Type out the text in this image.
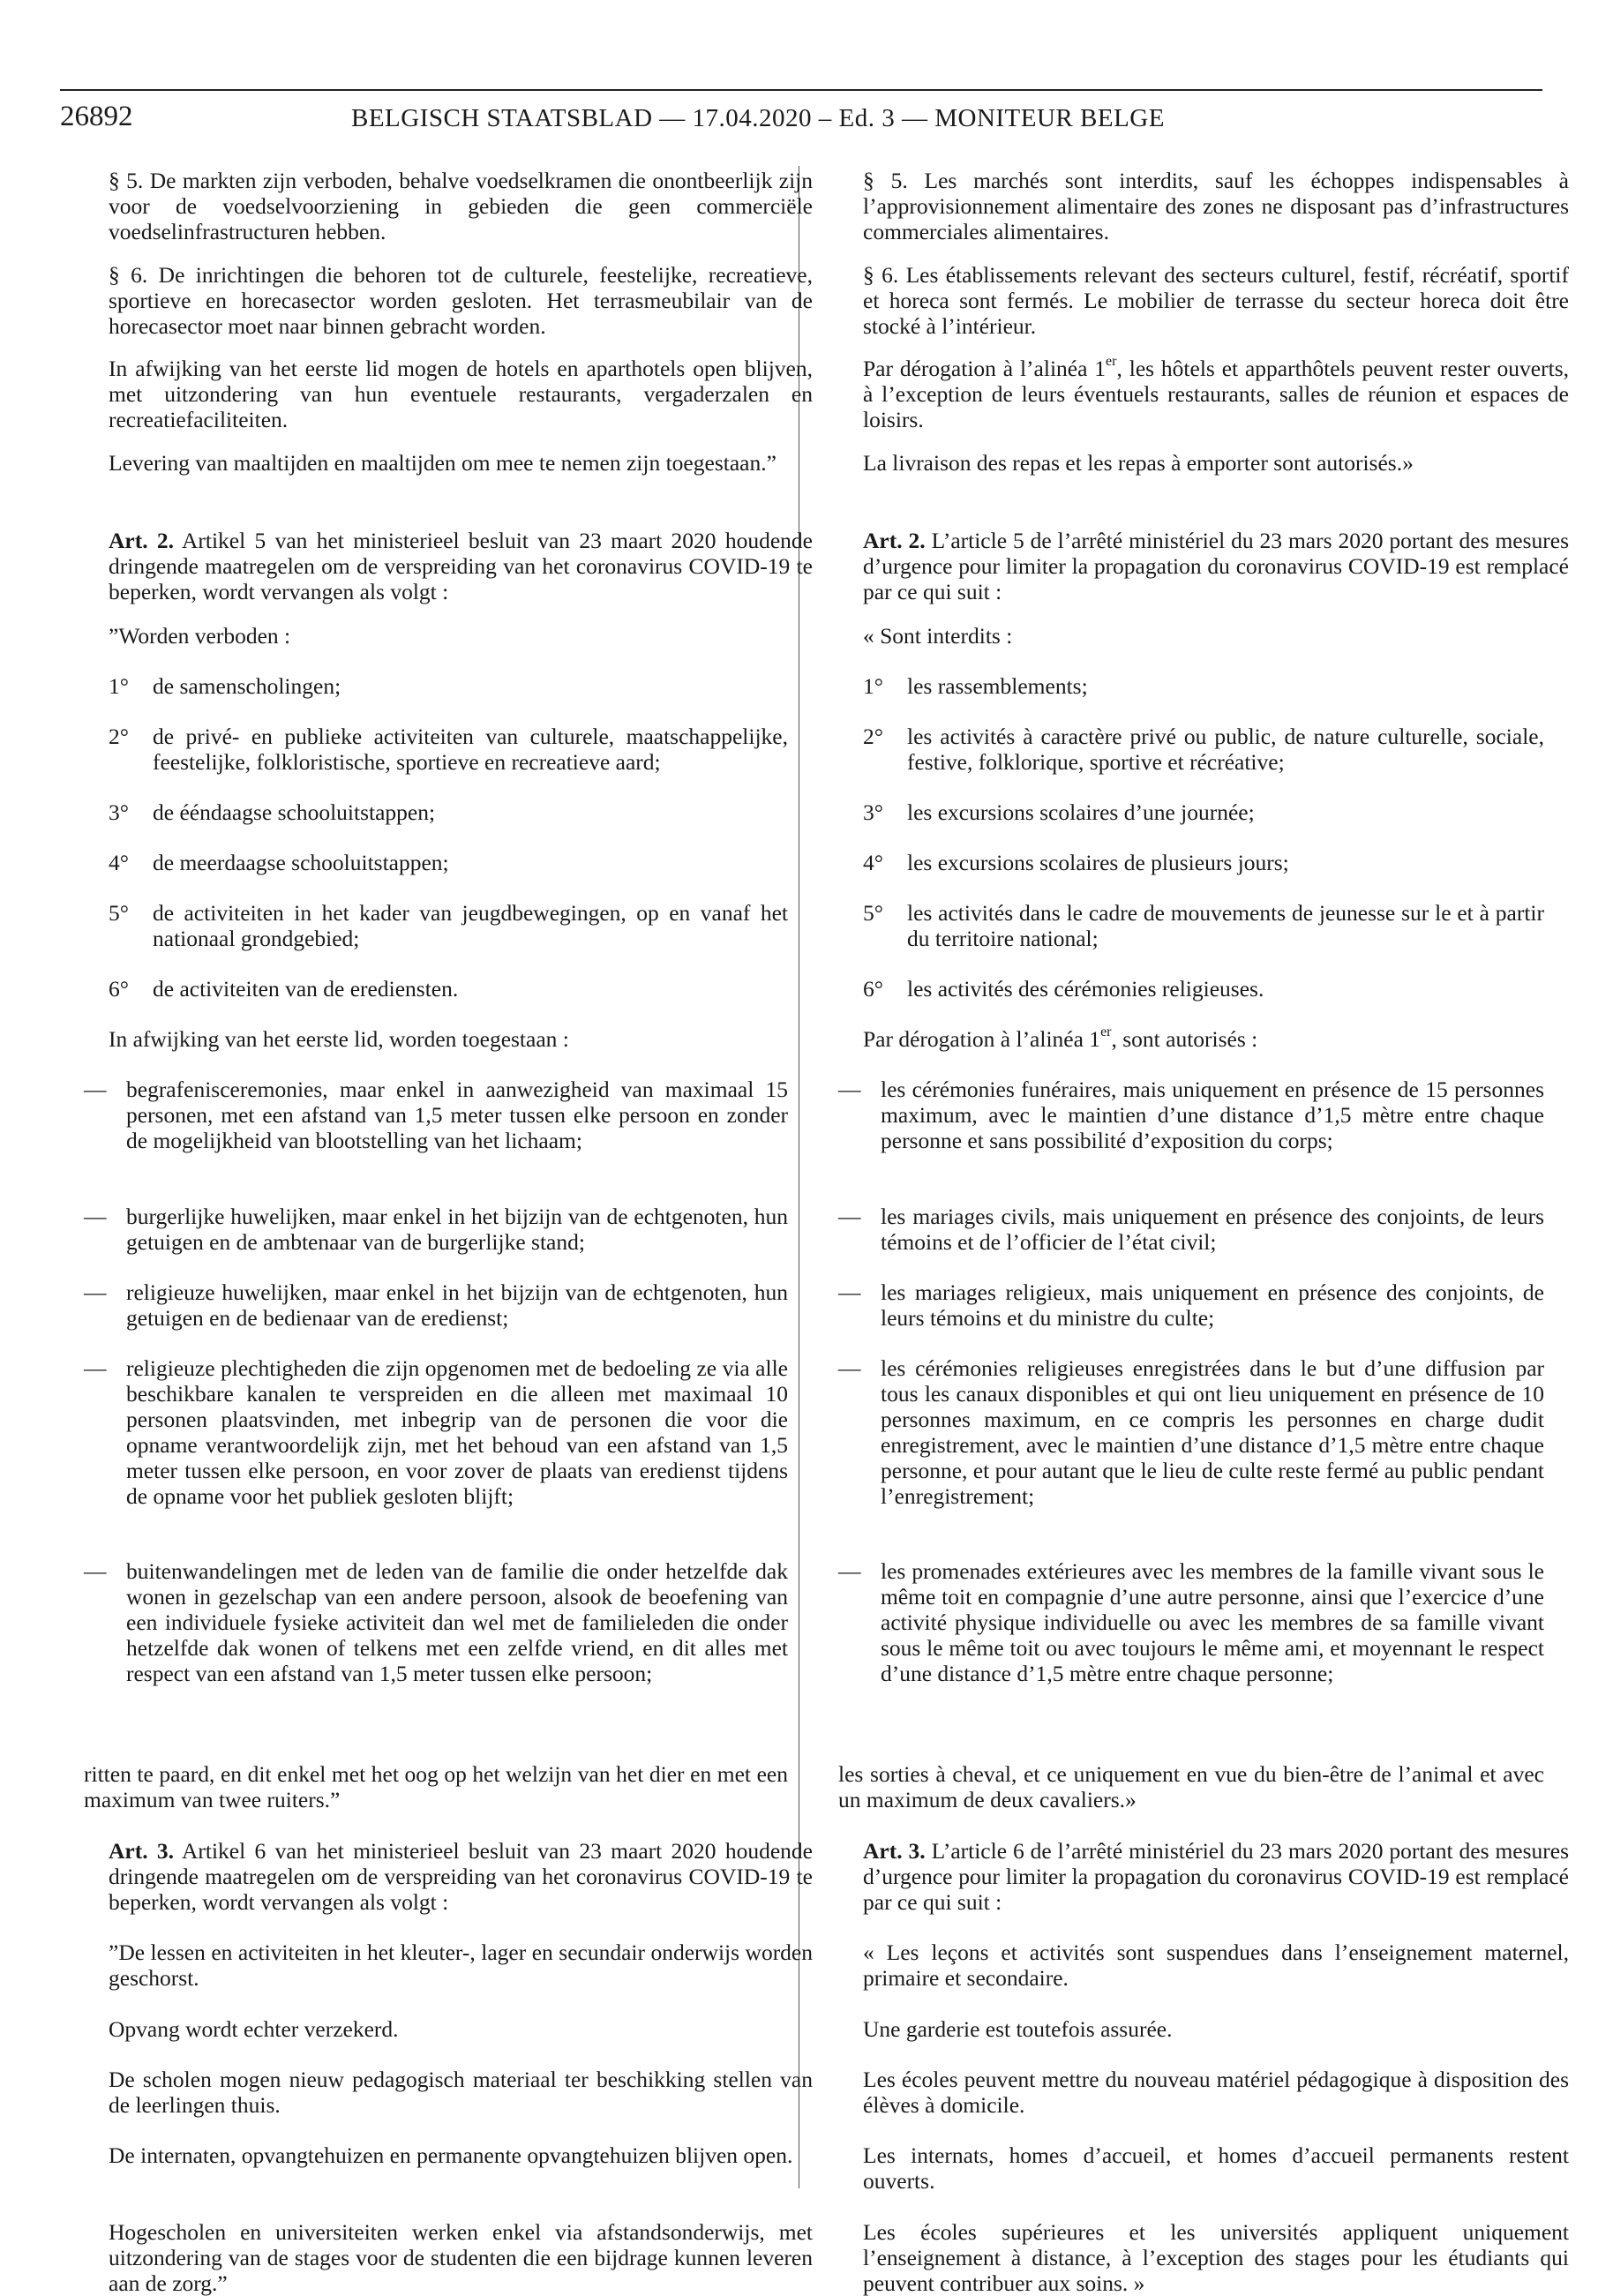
26892	BELGISCH STAATSBLAD — 17.04.2020 – Ed. 3 — MONITEUR BELGE
§ 5. De markten zijn verboden, behalve voedselkramen die onontbeerlijk zijn voor de voedselvoorziening in gebieden die geen commerciële voedselinfrastructuren hebben.
§ 6. De inrichtingen die behoren tot de culturele, feestelijke, recreatieve, sportieve en horecasector worden gesloten. Het terrasmeubilair van de horecasector moet naar binnen gebracht worden.
In afwijking van het eerste lid mogen de hotels en aparthotels open blijven, met uitzondering van hun eventuele restaurants, vergaderzalen en recreatiefaciliteiten.
Levering van maaltijden en maaltijden om mee te nemen zijn toegestaan.”
Art. 2. Artikel 5 van het ministerieel besluit van 23 maart 2020 houdende dringende maatregelen om de verspreiding van het coronavirus COVID-19 te beperken, wordt vervangen als volgt :
”Worden verboden :
1° de samenscholingen;
2° de privé- en publieke activiteiten van culturele, maatschappelijke, feestelijke, folkloristische, sportieve en recreatieve aard;
3° de ééndaagse schooluitstappen;
4° de meerdaagse schooluitstappen;
5° de activiteiten in het kader van jeugdbewegingen, op en vanaf het nationaal grondgebied;
6° de activiteiten van de erediensten.
In afwijking van het eerste lid, worden toegestaan :
— begrafenisceremonies, maar enkel in aanwezigheid van maximaal 15 personen, met een afstand van 1,5 meter tussen elke persoon en zonder de mogelijkheid van blootstelling van het lichaam;
— burgerlijke huwelijken, maar enkel in het bijzijn van de echtgenoten, hun getuigen en de ambtenaar van de burgerlijke stand;
— religieuze huwelijken, maar enkel in het bijzijn van de echtgenoten, hun getuigen en de bedienaar van de eredienst;
— religieuze plechtigheden die zijn opgenomen met de bedoeling ze via alle beschikbare kanalen te verspreiden en die alleen met maximaal 10 personen plaatsvinden, met inbegrip van de personen die voor die opname verantwoordelijk zijn, met het behoud van een afstand van 1,5 meter tussen elke persoon, en voor zover de plaats van eredienst tijdens de opname voor het publiek gesloten blijft;
— buitenwandelingen met de leden van de familie die onder hetzelfde dak wonen in gezelschap van een andere persoon, alsook de beoefening van een individuele fysieke activiteit dan wel met de familieleden die onder hetzelfde dak wonen of telkens met een zelfde vriend, en dit alles met respect van een afstand van 1,5 meter tussen elke persoon;
ritten te paard, en dit enkel met het oog op het welzijn van het dier en met een maximum van twee ruiters.”
Art. 3. Artikel 6 van het ministerieel besluit van 23 maart 2020 houdende dringende maatregelen om de verspreiding van het coronavirus COVID-19 te beperken, wordt vervangen als volgt :
”De lessen en activiteiten in het kleuter-, lager en secundair onderwijs worden geschorst.
Opvang wordt echter verzekerd.
De scholen mogen nieuw pedagogisch materiaal ter beschikking stellen van de leerlingen thuis.
De internaten, opvangtehuizen en permanente opvangtehuizen blijven open.
Hogescholen en universiteiten werken enkel via afstandsonderwijs, met uitzondering van de stages voor de studenten die een bijdrage kunnen leveren aan de zorg.”
§ 5. Les marchés sont interdits, sauf les échoppes indispensables à l’approvisionnement alimentaire des zones ne disposant pas d’infrastructures commerciales alimentaires.
§ 6. Les établissements relevant des secteurs culturel, festif, récréatif, sportif et horeca sont fermés. Le mobilier de terrasse du secteur horeca doit être stocké à l’intérieur.
Par dérogation à l’alinéa 1er, les hôtels et apparthôtels peuvent rester ouverts, à l’exception de leurs éventuels restaurants, salles de réunion et espaces de loisirs.
La livraison des repas et les repas à emporter sont autorisés.»
Art. 2. L’article 5 de l’arrêté ministériel du 23 mars 2020 portant des mesures d’urgence pour limiter la propagation du coronavirus COVID-19 est remplacé par ce qui suit :
« Sont interdits :
1° les rassemblements;
2° les activités à caractère privé ou public, de nature culturelle, sociale, festive, folklorique, sportive et récréative;
3° les excursions scolaires d’une journée;
4° les excursions scolaires de plusieurs jours;
5° les activités dans le cadre de mouvements de jeunesse sur le et à partir du territoire national;
6° les activités des cérémonies religieuses.
Par dérogation à l’alinéa 1er, sont autorisés :
— les cérémonies funéraires, mais uniquement en présence de 15 personnes maximum, avec le maintien d’une distance d’1,5 mètre entre chaque personne et sans possibilité d’exposition du corps;
— les mariages civils, mais uniquement en présence des conjoints, de leurs témoins et de l’officier de l’état civil;
— les mariages religieux, mais uniquement en présence des conjoints, de leurs témoins et du ministre du culte;
— les cérémonies religieuses enregistrées dans le but d’une diffusion par tous les canaux disponibles et qui ont lieu uniquement en présence de 10 personnes maximum, en ce compris les personnes en charge dudit enregistrement, avec le maintien d’une distance d’1,5 mètre entre chaque personne, et pour autant que le lieu de culte reste fermé au public pendant l’enregistrement;
— les promenades extérieures avec les membres de la famille vivant sous le même toit en compagnie d’une autre personne, ainsi que l’exercice d’une activité physique individuelle ou avec les membres de sa famille vivant sous le même toit ou avec toujours le même ami, et moyennant le respect d’une distance d’1,5 mètre entre chaque personne;
les sorties à cheval, et ce uniquement en vue du bien-être de l’animal et avec un maximum de deux cavaliers.»
Art. 3. L’article 6 de l’arrêté ministériel du 23 mars 2020 portant des mesures d’urgence pour limiter la propagation du coronavirus COVID-19 est remplacé par ce qui suit :
« Les leçons et activités sont suspendues dans l’enseignement maternel, primaire et secondaire.
Une garderie est toutefois assurée.
Les écoles peuvent mettre du nouveau matériel pédagogique à disposition des élèves à domicile.
Les internats, homes d’accueil, et homes d’accueil permanents restent ouverts.
Les écoles supérieures et les universités appliquent uniquement l’enseignement à distance, à l’exception des stages pour les étudiants qui peuvent contribuer aux soins. »
